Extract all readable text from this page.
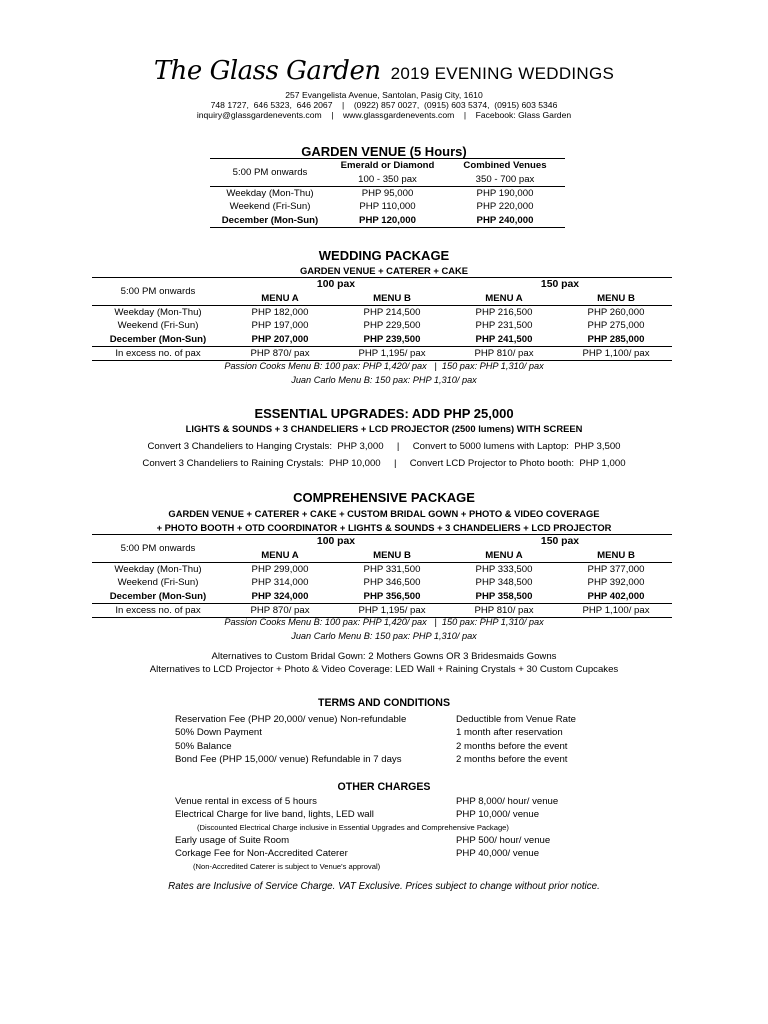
The Glass Garden 2019 EVENING WEDDINGS
257 Evangelista Avenue, Santolan, Pasig City, 1610
748 1727,  646 5323,  646 2067    |    (0922) 857 0027,  (0915) 603 5374,  (0915) 603 5346
inquiry@glassgardenevents.com    |    www.glassgardenevents.com    |    Facebook: Glass Garden
GARDEN VENUE (5 Hours)
5:00 PM onwards	Emerald or Diamond	Combined Venues
	100 - 350 pax	350 - 700 pax
Weekday (Mon-Thu)	PHP 95,000	PHP 190,000
Weekend (Fri-Sun)	PHP 110,000	PHP 220,000
December (Mon-Sun)	PHP 120,000	PHP 240,000
WEDDING PACKAGE
GARDEN VENUE + CATERER + CAKE
5:00 PM onwards	100 pax		150 pax	
	MENU A	MENU B	MENU A	MENU B
Weekday (Mon-Thu)	PHP 182,000	PHP 214,500	PHP 216,500	PHP 260,000
Weekend (Fri-Sun)	PHP 197,000	PHP 229,500	PHP 231,500	PHP 275,000
December (Mon-Sun)	PHP 207,000	PHP 239,500	PHP 241,500	PHP 285,000
In excess no. of pax	PHP 870/ pax	PHP 1,195/ pax	PHP 810/ pax	PHP 1,100/ pax
Passion Cooks Menu B: 100 pax: PHP 1,420/ pax   |  150 pax: PHP 1,310/ pax
Juan Carlo Menu B: 150 pax: PHP 1,310/ pax
ESSENTIAL UPGRADES: ADD PHP 25,000
LIGHTS & SOUNDS + 3 CHANDELIERS + LCD PROJECTOR (2500 lumens) WITH SCREEN
Convert 3 Chandeliers to Hanging Crystals:  PHP 3,000     |     Convert to 5000 lumens with Laptop:  PHP 3,500
Convert 3 Chandeliers to Raining Crystals:  PHP 10,000     |     Convert LCD Projector to Photo booth:  PHP 1,000
COMPREHENSIVE PACKAGE
GARDEN VENUE + CATERER + CAKE + CUSTOM BRIDAL GOWN + PHOTO & VIDEO COVERAGE
+ PHOTO BOOTH + OTD COORDINATOR + LIGHTS & SOUNDS + 3 CHANDELIERS + LCD PROJECTOR
5:00 PM onwards	100 pax		150 pax	
	MENU A	MENU B	MENU A	MENU B
Weekday (Mon-Thu)	PHP 299,000	PHP 331,500	PHP 333,500	PHP 377,000
Weekend (Fri-Sun)	PHP 314,000	PHP 346,500	PHP 348,500	PHP 392,000
December (Mon-Sun)	PHP 324,000	PHP 356,500	PHP 358,500	PHP 402,000
In excess no. of pax	PHP 870/ pax	PHP 1,195/ pax	PHP 810/ pax	PHP 1,100/ pax
Passion Cooks Menu B: 100 pax: PHP 1,420/ pax   |  150 pax: PHP 1,310/ pax
Juan Carlo Menu B: 150 pax: PHP 1,310/ pax
Alternatives to Custom Bridal Gown: 2 Mothers Gowns OR 3 Bridesmaids Gowns
Alternatives to LCD Projector + Photo & Video Coverage: LED Wall + Raining Crystals + 30 Custom Cupcakes
TERMS AND CONDITIONS
Reservation Fee (PHP 20,000/ venue) Non-refundable	Deductible from Venue Rate
50% Down Payment	1 month after reservation
50% Balance	2 months before the event
Bond Fee (PHP 15,000/ venue) Refundable in 7 days	2 months before the event
OTHER CHARGES
Venue rental in excess of 5 hours	PHP 8,000/ hour/ venue
Electrical Charge for live band, lights, LED wall	PHP 10,000/ venue
(Discounted Electrical Charge inclusive in Essential Upgrades and Comprehensive Package)
Early usage of Suite Room	PHP 500/ hour/ venue
Corkage Fee for Non-Accredited Caterer	PHP 40,000/ venue
(Non-Accredited Caterer is subject to Venue's approval)
Rates are Inclusive of Service Charge. VAT Exclusive. Prices subject to change without prior notice.
